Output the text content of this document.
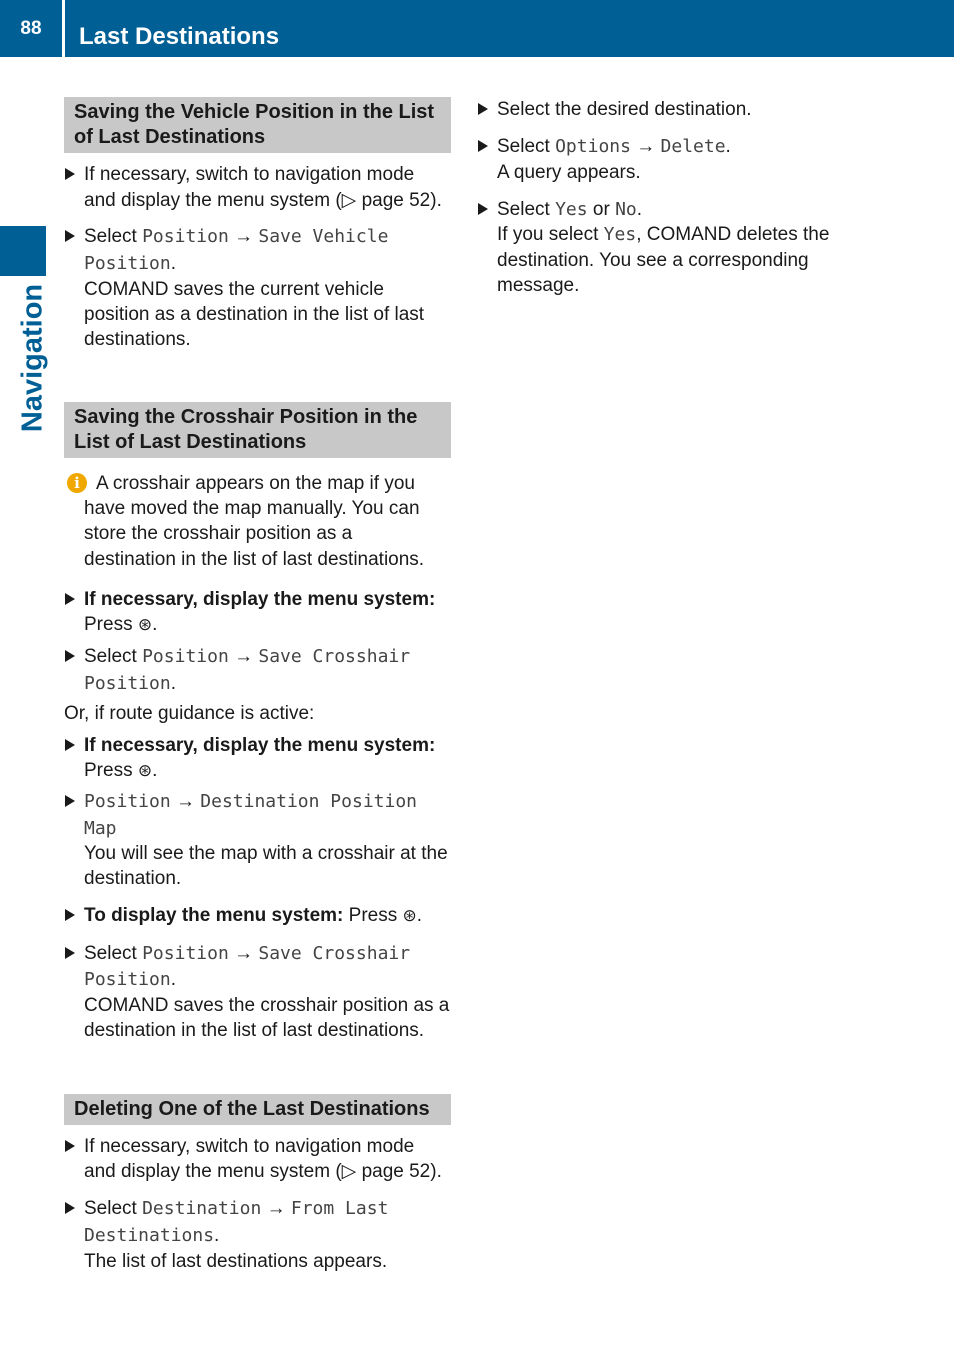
88	Last Destinations
Navigation
Saving the Vehicle Position in the List
of Last Destinations
If necessary, switch to navigation mode
and display the menu system (▷ page 52).
Select Position → Save Vehicle
Position.
COMAND saves the current vehicle
position as a destination in the list of last
destinations.
Saving the Crosshair Position in the
List of Last Destinations
i A crosshair appears on the map if you
have moved the map manually. You can
store the crosshair position as a
destination in the list of last destinations.
If necessary, display the menu system:
Press ⊛.
Select Position → Save Crosshair
Position.
Or, if route guidance is active:
If necessary, display the menu system:
Press ⊛.
Position → Destination Position
Map
You will see the map with a crosshair at the
destination.
To display the menu system: Press ⊛.
Select Position → Save Crosshair
Position.
COMAND saves the crosshair position as a
destination in the list of last destinations.
Deleting One of the Last Destinations
If necessary, switch to navigation mode
and display the menu system (▷ page 52).
Select Destination → From Last
Destinations.
The list of last destinations appears.
Select the desired destination.
Select Options → Delete.
A query appears.
Select Yes or No.
If you select Yes, COMAND deletes the
destination. You see a corresponding
message.
